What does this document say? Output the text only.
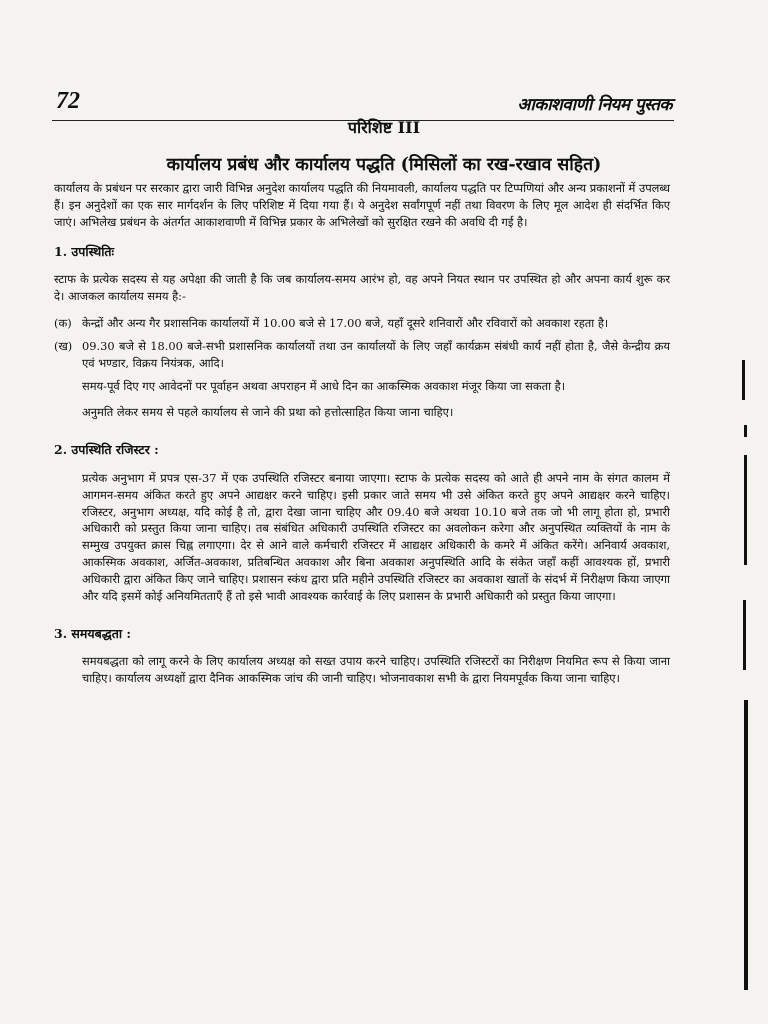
72	आकाशवाणी नियम पुस्तक
परिशिष्ट III
कार्यालय प्रबंध और कार्यालय पद्धति (मिसिलों का रख-रखाव सहित)

कार्यालय के प्रबंधन पर सरकार द्वारा जारी विभिन्न अनुदेश कार्यालय पद्धति की नियमावली, कार्यालय पद्धति पर टिप्पणियां और अन्य प्रकाशनों में उपलब्ध हैं। इन अनुदेशों का एक सार मार्गदर्शन के लिए परिशिष्ट में दिया गया हैं। ये अनुदेश सर्वांगपूर्ण नहीं तथा विवरण के लिए मूल आदेश ही संदर्भित किए जाएं। अभिलेख प्रबंधन के अंतर्गत आकाशवाणी में विभिन्न प्रकार के अभिलेखों को सुरक्षित रखने की अवधि दी गई है।

1. उपस्थितिः

स्टाफ के प्रत्येक सदस्य से यह अपेक्षा की जाती है कि जब कार्यालय-समय आरंभ हो, वह अपने नियत स्थान पर उपस्थित हो और अपना कार्य शुरू कर दे। आजकल कार्यालय समय है:-

(क) केन्द्रों और अन्य गैर प्रशासनिक कार्यालयों में 10.00 बजे से 17.00 बजे, यहाँ दूसरे शनिवारों और रविवारों को अवकाश रहता है।
(ख) 09.30 बजे से 18.00 बजे-सभी प्रशासनिक कार्यालयों तथा उन कार्यालयों के लिए जहाँ कार्यक्रम संबंधी कार्य नहीं होता है, जैसे केन्द्रीय क्रय एवं भण्डार, विक्रय नियंत्रक, आदि।

समय-पूर्व दिए गए आवेदनों पर पूर्वाहन अथवा अपराहन में आधे दिन का आकस्मिक अवकाश मंजूर किया जा सकता है।

अनुमति लेकर समय से पहले कार्यालय से जाने की प्रथा को हत्तोत्साहित किया जाना चाहिए।

2. उपस्थिति रजिस्टर :

प्रत्येक अनुभाग में प्रपत्र एस-37 में एक उपस्थिति रजिस्टर बनाया जाएगा। स्टाफ के प्रत्येक सदस्य को आते ही अपने नाम के संगत कालम में आगमन-समय अंकित करते हुए अपने आद्यक्षर करने चाहिए। इसी प्रकार जाते समय भी उसे अंकित करते हुए अपने आद्यक्षर करने चाहिए। रजिस्टर, अनुभाग अध्यक्ष, यदि कोई है तो, द्वारा देखा जाना चाहिए और 09.40 बजे अथवा 10.10 बजे तक जो भी लागू होता हो, प्रभारी अधिकारी को प्रस्तुत किया जाना चाहिए। तब संबंधित अधिकारी उपस्थिति रजिस्टर का अवलोकन करेगा और अनुपस्थित व्यक्तियों के नाम के सम्मुख उपयुक्त क्रास चिह्न लगाएगा। देर से आने वाले कर्मचारी रजिस्टर में आद्यक्षर अधिकारी के कमरे में अंकित करेंगे। अनिवार्य अवकाश, आकस्मिक अवकाश, अर्जित-अवकाश, प्रतिबन्धित अवकाश और बिना अवकाश अनुपस्थिति आदि के संकेत जहाँ कहीं आवश्यक हों, प्रभारी अधिकारी द्वारा अंकित किए जाने चाहिए। प्रशासन स्कंध द्वारा प्रति महीने उपस्थिति रजिस्टर का अवकाश खातों के संदर्भ में निरीक्षण किया जाएगा और यदि इसमें कोई अनियमितताएँ हैं तो इसे भावी आवश्यक कार्रवाई के लिए प्रशासन के प्रभारी अधिकारी को प्रस्तुत किया जाएगा।

3. समयबद्धता :

समयबद्धता को लागू करने के लिए कार्यालय अध्यक्ष को सख्त उपाय करने चाहिए। उपस्थिति रजिस्टरों का निरीक्षण नियमित रूप से किया जाना चाहिए। कार्यालय अध्यक्षों द्वारा दैनिक आकस्मिक जांच की जानी चाहिए। भोजनावकाश सभी के द्वारा नियमपूर्वक किया जाना चाहिए।
